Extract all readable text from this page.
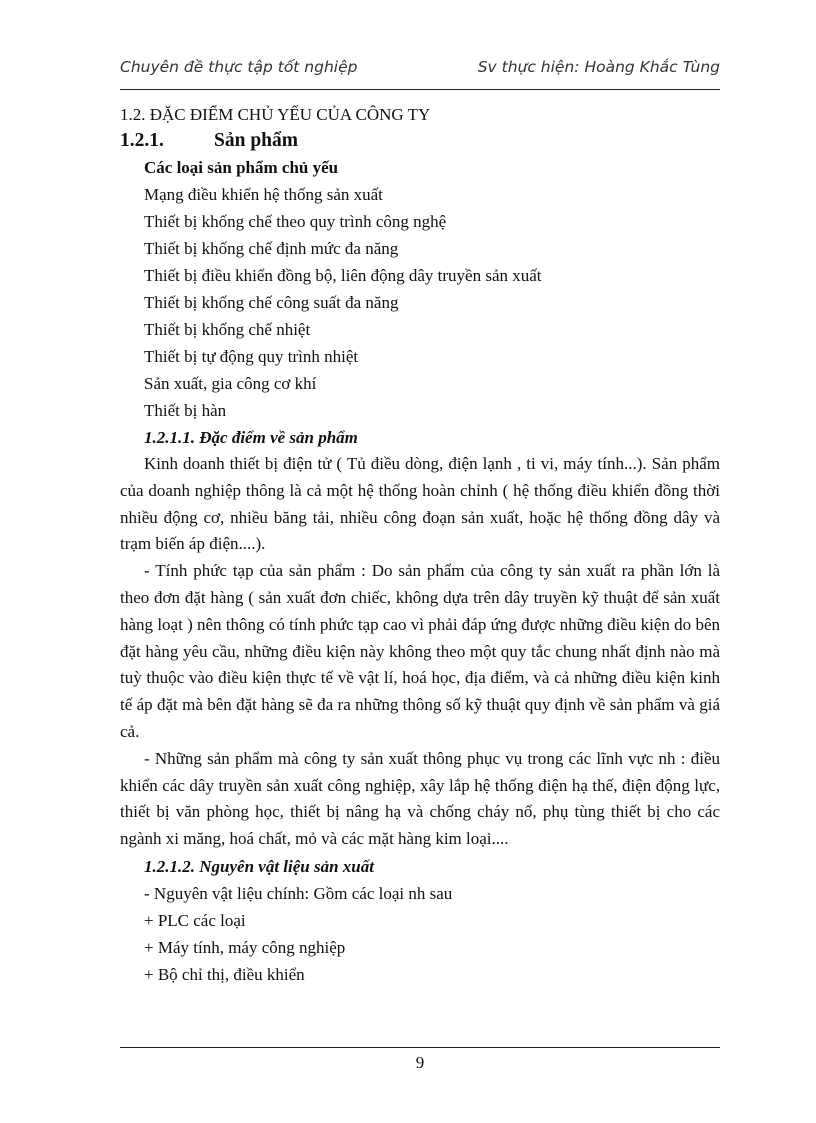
Chuyên đề thực tập tốt nghiệp	Sv thực hiện: Hoàng Khắc Tùng
1.2. ĐẶC ĐIỂM CHỦ YẾU CỦA CÔNG TY
1.2.1.	Sản phẩm
Các loại sản phẩm chủ yếu
Mạng điều khiển hệ thống sản xuất
Thiết bị khống chế theo quy trình công nghệ
Thiết bị khống chế định mức đa năng
Thiết bị điều khiển đồng bộ, liên động dây truyền sản xuất
Thiết bị khống chế công suất đa năng
Thiết bị khống chế nhiệt
Thiết bị tự động quy trình nhiệt
Sản xuất, gia công cơ khí
Thiết bị hàn
1.2.1.1. Đặc điểm về sản phẩm

Kinh doanh thiết bị điện tử ( Tủ điều dòng, điện lạnh , ti vi, máy tính...). Sản phẩm của doanh nghiệp thông là cả một hệ thống hoàn chỉnh ( hệ thống điều khiển đồng thời nhiều động cơ, nhiều băng tải, nhiều công đoạn sản xuất, hoặc hệ thống đồng dây và trạm biến áp điện....).

- Tính phức tạp của sản phẩm : Do sản phẩm của công ty sản xuất ra phần lớn là theo đơn đặt hàng ( sản xuất đơn chiếc, không dựa trên dây truyền kỹ thuật để sản xuất hàng loạt ) nên thông có tính phức tạp cao vì phải đáp ứng được những điều kiện do bên đặt hàng yêu cầu, những điều kiện này không theo một quy tắc chung nhất định nào mà tuỳ thuộc vào điều kiện thực tế về vật lí, hoá học, địa điểm, và cả những điều kiện kinh tế áp đặt mà bên đặt hàng sẽ đa ra những thông số kỹ thuật quy định về sản phẩm và giá cả.

- Những sản phẩm mà công ty sản xuất thông phục vụ trong các lĩnh vực nh : điều khiển các dây truyền sản xuất công nghiệp, xây lắp hệ thống điện hạ thế, điện động lực, thiết bị văn phòng học, thiết bị nâng hạ và chống cháy nổ, phụ tùng thiết bị cho các ngành xi măng, hoá chất, mỏ và các mặt hàng kim loại....

1.2.1.2. Nguyên vật liệu sản xuất
- Nguyên vật liệu chính: Gồm các loại nh sau
+ PLC các loại
+ Máy tính, máy công nghiệp
+ Bộ chỉ thị, điều khiển
9
